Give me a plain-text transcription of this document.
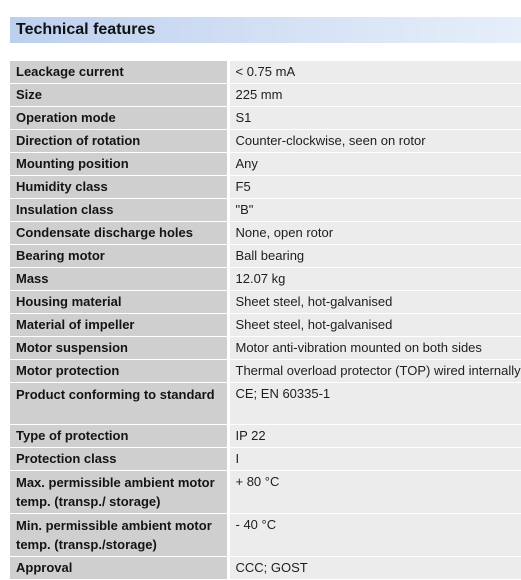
Technical features
Leackage current	< 0.75 mA
Size	225 mm
Operation mode	S1
Direction of rotation	Counter-clockwise, seen on rotor
Mounting position	Any
Humidity class	F5
Insulation class	"B"
Condensate discharge holes	None, open rotor
Bearing motor	Ball bearing
Mass	12.07 kg
Housing material	Sheet steel, hot-galvanised
Material of impeller	Sheet steel, hot-galvanised
Motor suspension	Motor anti-vibration mounted on both sides
Motor protection	Thermal overload protector (TOP) wired internally
Product conforming to standard	CE; EN 60335-1
Type of protection	IP 22
Protection class	I
Max. permissible ambient motor temp. (transp./ storage)	+ 80 °C
Min. permissible ambient motor temp. (transp./storage)	- 40 °C
Approval	CCC; GOST
